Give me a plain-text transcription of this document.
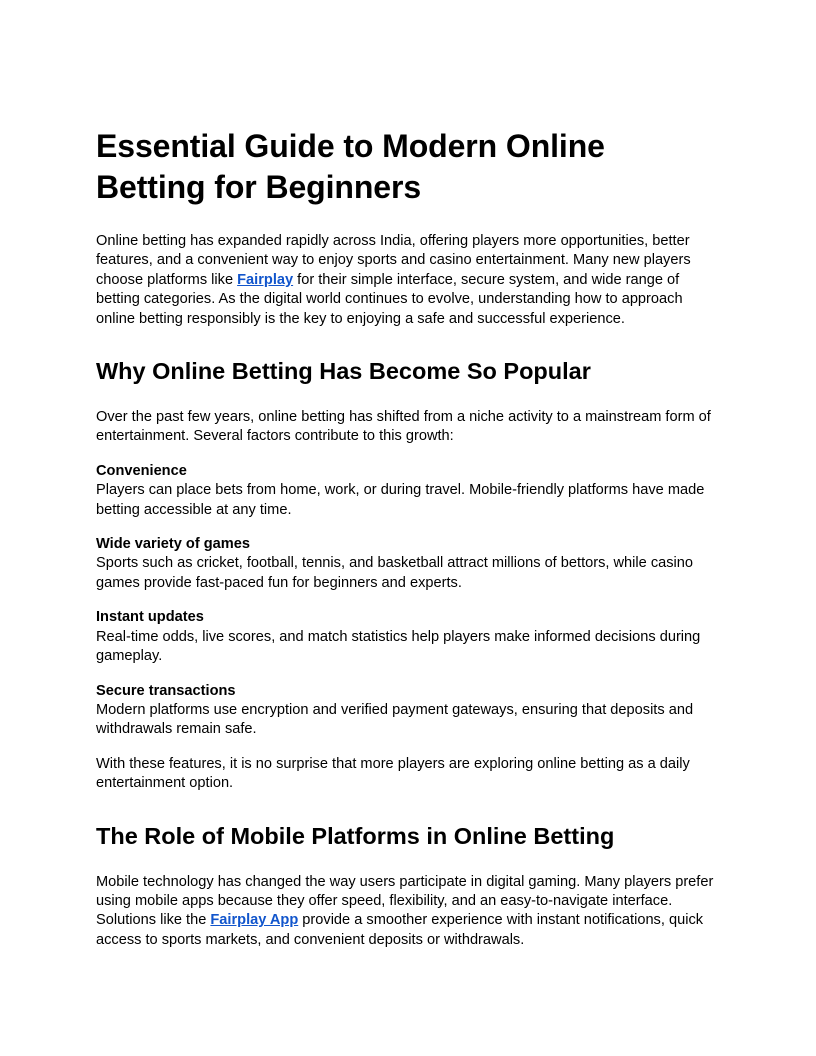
Essential Guide to Modern Online Betting for Beginners

Online betting has expanded rapidly across India, offering players more opportunities, better features, and a convenient way to enjoy sports and casino entertainment. Many new players choose platforms like Fairplay for their simple interface, secure system, and wide range of betting categories. As the digital world continues to evolve, understanding how to approach online betting responsibly is the key to enjoying a safe and successful experience.

Why Online Betting Has Become So Popular

Over the past few years, online betting has shifted from a niche activity to a mainstream form of entertainment. Several factors contribute to this growth:

Convenience
Players can place bets from home, work, or during travel. Mobile-friendly platforms have made betting accessible at any time.

Wide variety of games
Sports such as cricket, football, tennis, and basketball attract millions of bettors, while casino games provide fast-paced fun for beginners and experts.

Instant updates
Real-time odds, live scores, and match statistics help players make informed decisions during gameplay.

Secure transactions
Modern platforms use encryption and verified payment gateways, ensuring that deposits and withdrawals remain safe.

With these features, it is no surprise that more players are exploring online betting as a daily entertainment option.

The Role of Mobile Platforms in Online Betting

Mobile technology has changed the way users participate in digital gaming. Many players prefer using mobile apps because they offer speed, flexibility, and an easy-to-navigate interface. Solutions like the Fairplay App provide a smoother experience with instant notifications, quick access to sports markets, and convenient deposits or withdrawals.
